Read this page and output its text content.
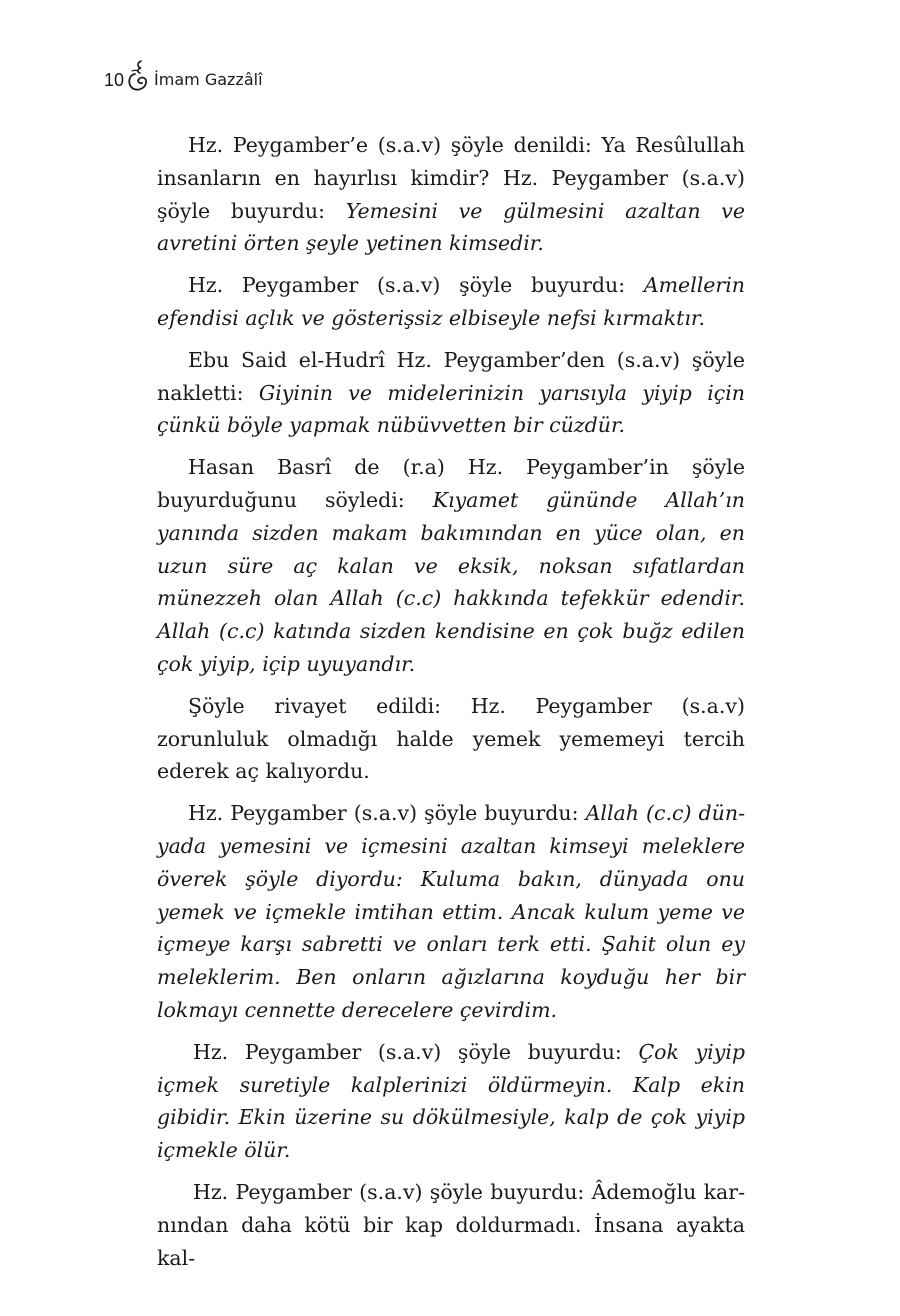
10 İmam Gazzâlî

Hz. Peygamber’e (s.a.v) şöyle denildi: Ya Resûlullah insanların en hayırlısı kimdir? Hz. Peygamber (s.a.v) şöyle buyurdu: Yemesini ve gülmesini azaltan ve avretini örten şeyle yetinen kimsedir.

Hz. Peygamber (s.a.v) şöyle buyurdu: Amellerin efendisi açlık ve gösterişsiz elbiseyle nefsi kırmaktır.

Ebu Said el-Hudrî Hz. Peygamber’den (s.a.v) şöyle nakletti: Giyinin ve midelerinizin yarısıyla yiyip için çünkü böyle yapmak nübüvvetten bir cüzdür.

Hasan Basrî de (r.a) Hz. Peygamber’in şöyle buyurduğunu söyledi: Kıyamet gününde Allah’ın yanında sizden makam bakımından en yüce olan, en uzun süre aç kalan ve eksik, noksan sıfatlardan münezzeh olan Allah (c.c) hakkında tefekkür edendir. Allah (c.c) katında sizden kendisine en çok buğz edilen çok yiyip, içip uyuyandır.

Şöyle rivayet edildi: Hz. Peygamber (s.a.v) zorunluluk olmadığı halde yemek yememeyi tercih ederek aç kalıyordu.

Hz. Peygamber (s.a.v) şöyle buyurdu: Allah (c.c) dünyada yemesini ve içmesini azaltan kimseyi meleklere överek şöyle diyordu: Kuluma bakın, dünyada onu yemek ve içmekle imtihan ettim. Ancak kulum yeme ve içmeye karşı sabretti ve onları terk etti. Şahit olun ey meleklerim. Ben onların ağızlarına koyduğu her bir lokmayı cennette derecelere çevirdim.

Hz. Peygamber (s.a.v) şöyle buyurdu: Çok yiyip içmek suretiyle kalplerinizi öldürmeyin. Kalp ekin gibidir. Ekin üzerine su dökülmesiyle, kalp de çok yiyip içmekle ölür.

Hz. Peygamber (s.a.v) şöyle buyurdu: Âdemoğlu karnından daha kötü bir kap doldurmadı. İnsana ayakta kal-
